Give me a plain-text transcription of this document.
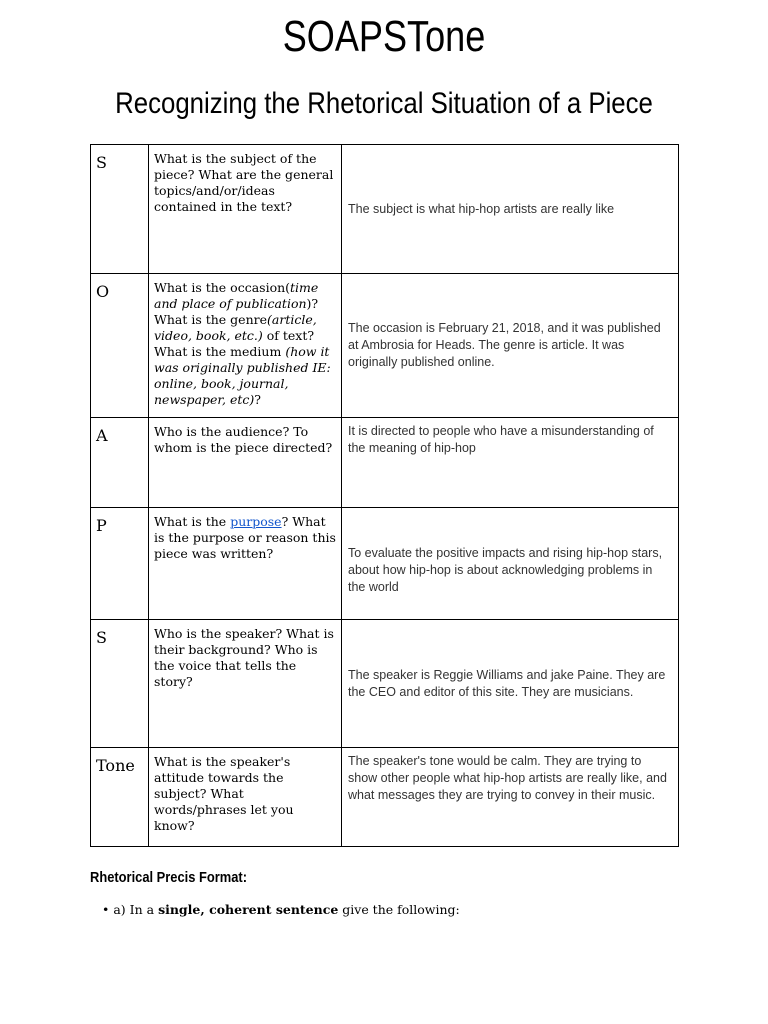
SOAPSTone
Recognizing the Rhetorical Situation of a Piece
S	What is the subject of the piece? What are the general topics/and/or/ideas contained in the text?	The subject is what hip-hop artists are really like
O	What is the occasion(time and place of publication)? What is the genre(article, video, book, etc.) of text? What is the medium (how it was originally published IE: online, book, journal, newspaper, etc)?	The occasion is February 21, 2018, and it was published at Ambrosia for Heads. The genre is article. It was originally published online.
A	Who is the audience? To whom is the piece directed?	It is directed to people who have a misunderstanding of the meaning of hip-hop
P	What is the purpose? What is the purpose or reason this piece was written?	To evaluate the positive impacts and rising hip-hop stars, about how hip-hop is about acknowledging problems in the world
S	Who is the speaker? What is their background? Who is the voice that tells the story?	The speaker is Reggie Williams and jake Paine. They are the CEO and editor of this site. They are musicians.
Tone	What is the speaker's attitude towards the subject? What words/phrases let you know?	The speaker's tone would be calm. They are trying to show other people what hip-hop artists are really like, and what messages they are trying to convey in their music.
Rhetorical Precis Format:
• a) In a single, coherent sentence give the following:
